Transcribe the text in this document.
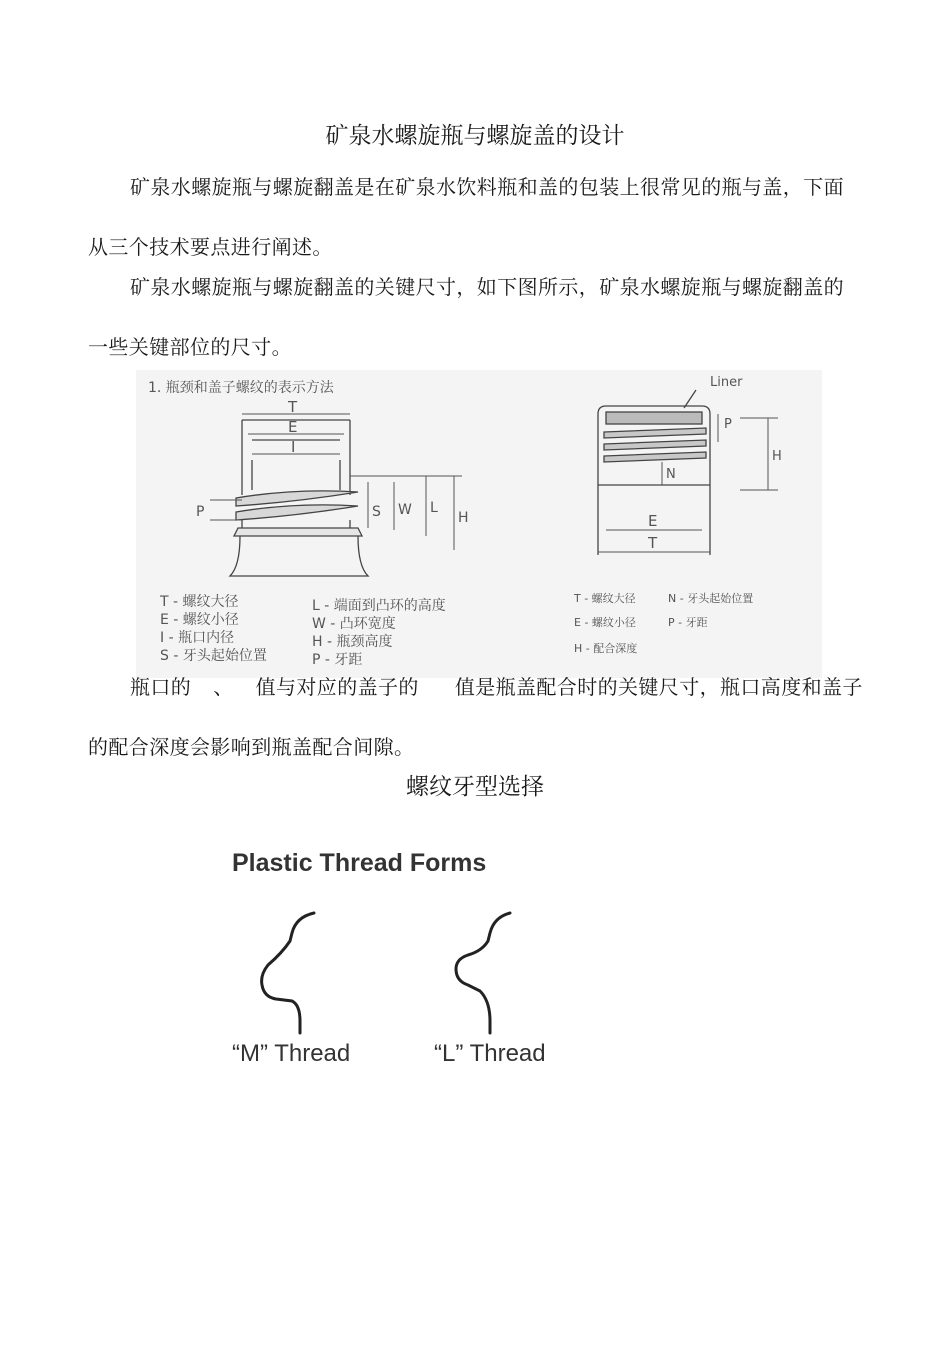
矿泉水螺旋瓶与螺旋盖的设计
矿泉水螺旋瓶与螺旋翻盖是在矿泉水饮料瓶和盖的包装上很常见的瓶与盖，下面从三个技术要点进行阐述。
矿泉水螺旋瓶与螺旋翻盖的关键尺寸，如下图所示，矿泉水螺旋瓶与螺旋翻盖的一些关键部位的尺寸。
1. 瓶颈和盖子螺纹的表示方法
T
E
I
P	S W L
H
Liner
P
H
N
E
T
T - 螺纹大径
E - 螺纹小径
I - 瓶口内径
S - 牙头起始位置
L - 端面到凸环的高度
W - 凸环宽度
H - 瓶颈高度
P - 牙距
T - 螺纹大径
E - 螺纹小径
H - 配合深度
N - 牙头起始位置
P - 牙距
瓶口的 、 值与对应的盖子的 值是瓶盖配合时的关键尺寸，瓶口高度和盖子的配合深度会影响到瓶盖配合间隙。
螺纹牙型选择
Plastic Thread Forms
“M” Thread	“L” Thread
